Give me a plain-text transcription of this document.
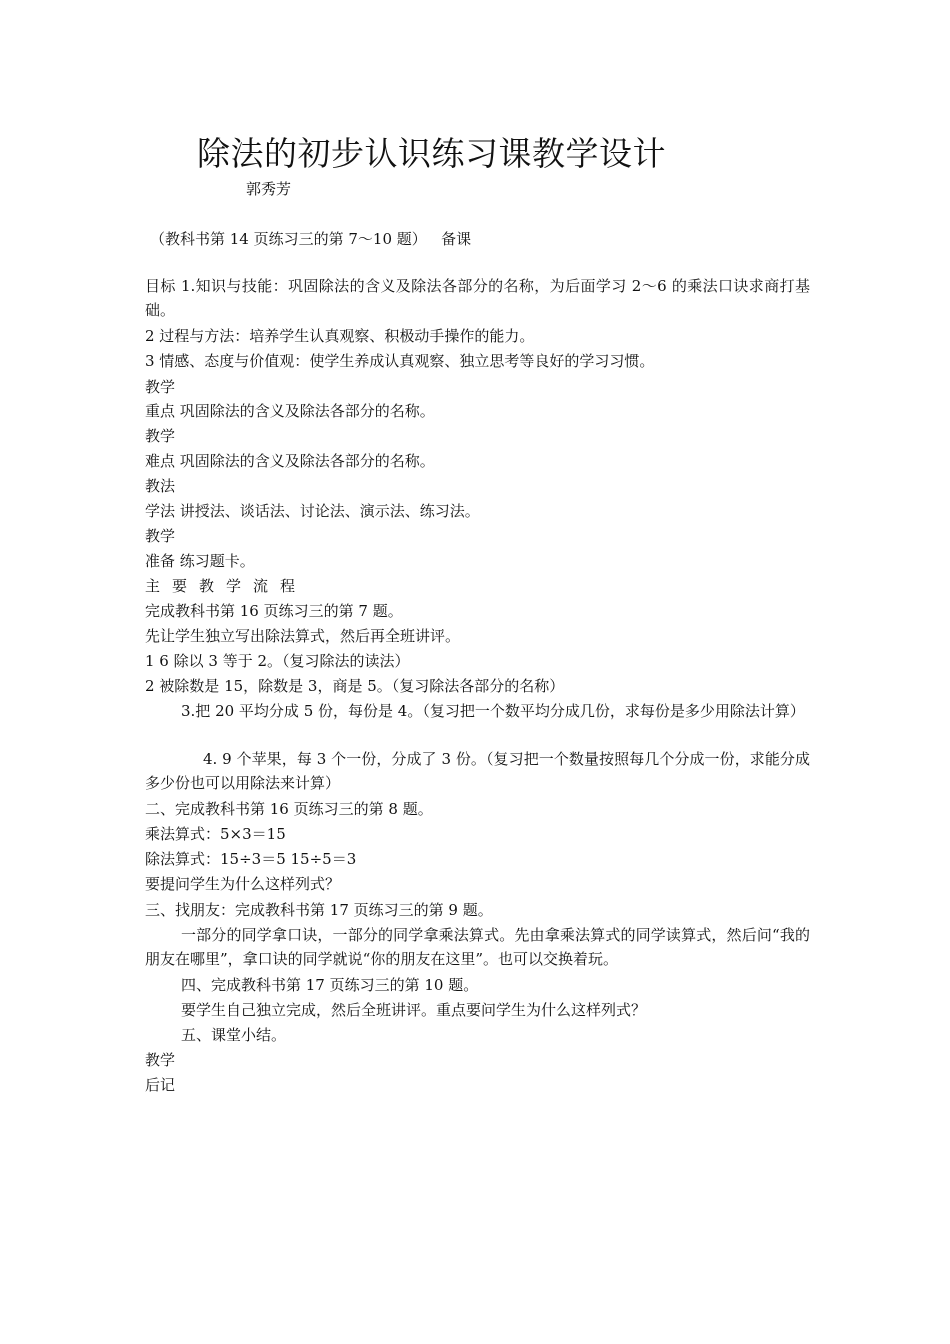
除法的初步认识练习课教学设计
郭秀芳
（教科书第 14 页练习三的第 7～10 题）   备课
目标 1.知识与技能：巩固除法的含义及除法各部分的名称，为后面学习 2～6 的乘法口诀求商打基础。
2 过程与方法：培养学生认真观察、积极动手操作的能力。
3 情感、态度与价值观：使学生养成认真观察、独立思考等良好的学习习惯。
教学
重点 巩固除法的含义及除法各部分的名称。
教学
难点 巩固除法的含义及除法各部分的名称。
教法
学法 讲授法、谈话法、讨论法、演示法、练习法。
教学
准备 练习题卡。
主要教学流程
完成教科书第 16 页练习三的第 7 题。
先让学生独立写出除法算式，然后再全班讲评。
1 6 除以 3 等于 2。（复习除法的读法）
2 被除数是 15，除数是 3，商是 5。（复习除法各部分的名称）
3.把 20 平均分成 5 份，每份是 4。（复习把一个数平均分成几份，求每份是多少用除法计算）
4. 9 个苹果，每 3 个一份，分成了 3 份。（复习把一个数量按照每几个分成一份，求能分成多少份也可以用除法来计算）
二、完成教科书第 16 页练习三的第 8 题。
乘法算式：5×3＝15
除法算式：15÷3＝5 15÷5＝3
要提问学生为什么这样列式？
三、找朋友：完成教科书第 17 页练习三的第 9 题。
一部分的同学拿口诀，一部分的同学拿乘法算式。先由拿乘法算式的同学读算式，然后问“我的朋友在哪里”，拿口诀的同学就说“你的朋友在这里”。也可以交换着玩。
四、完成教科书第 17 页练习三的第 10 题。
要学生自己独立完成，然后全班讲评。重点要问学生为什么这样列式？
五、课堂小结。
教学
后记
